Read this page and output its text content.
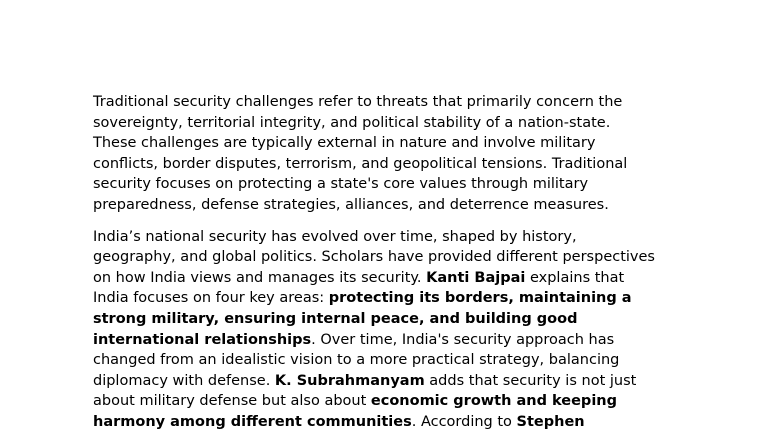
Traditional security challenges refer to threats that primarily concern the
sovereignty, territorial integrity, and political stability of a nation-state.
These challenges are typically external in nature and involve military
conflicts, border disputes, terrorism, and geopolitical tensions. Traditional
security focuses on protecting a state's core values through military
preparedness, defense strategies, alliances, and deterrence measures.

India’s national security has evolved over time, shaped by history,
geography, and global politics. Scholars have provided different perspectives
on how India views and manages its security. Kanti Bajpai explains that
India focuses on four key areas: protecting its borders, maintaining a
strong military, ensuring internal peace, and building good
international relationships. Over time, India's security approach has
changed from an idealistic vision to a more practical strategy, balancing
diplomacy with defense. K. Subrahmanyam adds that security is not just
about military defense but also about economic growth and keeping
harmony among different communities. According to Stephen
